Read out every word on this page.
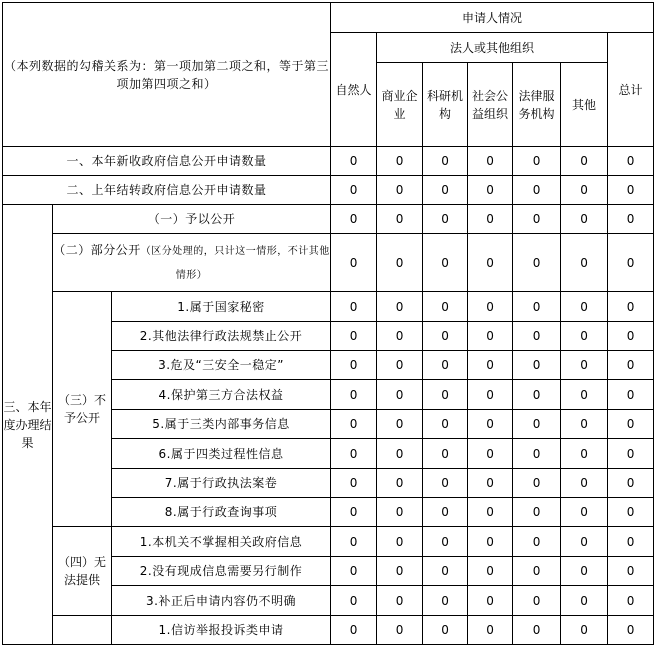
（本列数据的勾稽关系为：第一项加第二项之和，等于第三项加第四项之和）			申请人情况						
			自然人	法人或其他组织					总计
				商业企业	科研机构	社会公益组织	法律服务机构	其他	

一、本年新收政府信息公开申请数量			0	0	0	0	0	0	0
二、上年结转政府信息公开申请数量			0	0	0	0	0	0	0
三、本年度办理结果	（一）予以公开		0	0	0	0	0	0	0

	（二）部分公开（区分处理的，只计这一情形，不计其他情形）		0	0	0	0	0	0	0
	（三）不予公开	1.属于国家秘密	0	0	0	0	0	0	0
		2.其他法律行政法规禁止公开	0	0	0	0	0	0	0
		3.危及“三安全一稳定”	0	0	0	0	0	0	0
		4.保护第三方合法权益	0	0	0	0	0	0	0
		5.属于三类内部事务信息	0	0	0	0	0	0	0
		6.属于四类过程性信息	0	0	0	0	0	0	0
		7.属于行政执法案卷	0	0	0	0	0	0	0
		8.属于行政查询事项	0	0	0	0	0	0	0
	（四）无法提供	1.本机关不掌握相关政府信息	0	0	0	0	0	0	0
		2.没有现成信息需要另行制作	0	0	0	0	0	0	0
		3.补正后申请内容仍不明确	0	0	0	0	0	0	0
		1.信访举报投诉类申请	0	0	0	0	0	0	0
